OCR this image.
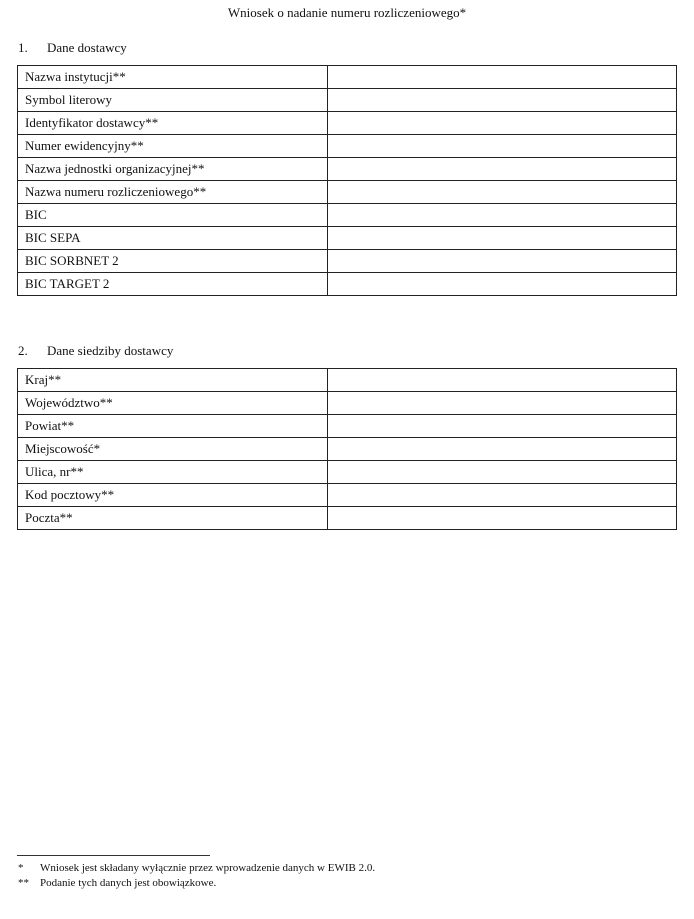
Wniosek o nadanie numeru rozliczeniowego*
1. Dane dostawcy
Nazwa instytucji**	
Symbol literowy	
Identyfikator dostawcy**	
Numer ewidencyjny**	
Nazwa jednostki organizacyjnej**	
Nazwa numeru rozliczeniowego**	
BIC	
BIC SEPA	
BIC SORBNET 2	
BIC TARGET 2	
2. Dane siedziby dostawcy
Kraj**	
Województwo**	
Powiat**	
Miejscowość*	
Ulica, nr**	
Kod pocztowy**	
Poczta**	
* Wniosek jest składany wyłącznie przez wprowadzenie danych w EWIB 2.0.
** Podanie tych danych jest obowiązkowe.
